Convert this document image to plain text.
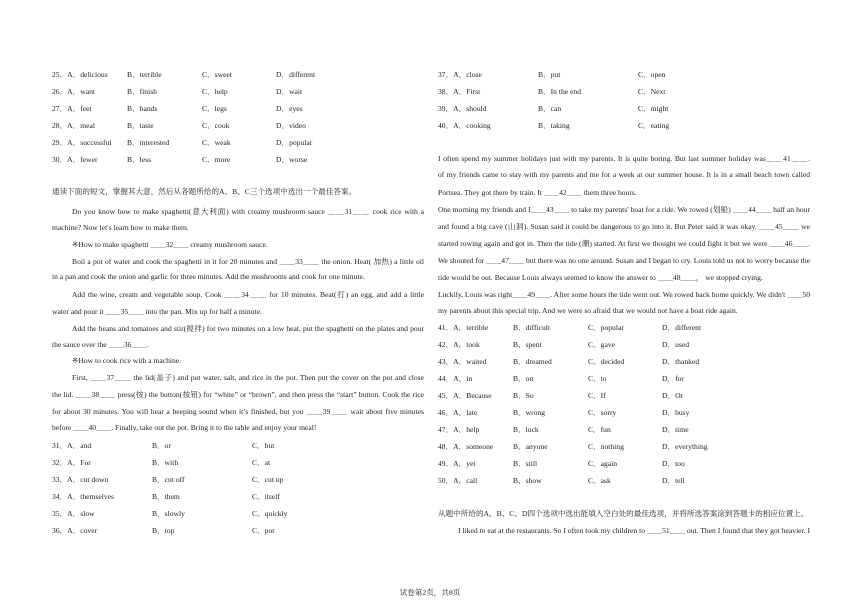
25．A．delicious	B．terrible	C．sweet	D．different
26．A．want	B．finish	C．help	D．wait
27．A．feet	B．hands	C．legs	D．eyes
28．A．meal	B．taste	C．cook	D．video
29．A．successful B．interested	C．weak	D．popular
30．A．fewer	B．less	C．more	D．worse
通读下面的短文，掌握其大意，然后从各题所给的A、B、C三个选项中选出一个最佳答案。
Do you know how to make spaghetti(意大利面) with creamy mushroom sauce ＿＿31＿＿ cook rice with a
machine? Now let's learn how to make them.
※How to make spaghetti ＿＿32＿＿ creamy mushroom sauce.
Boil a pot of water and cook the spaghetti in it for 20 minutes and ＿＿33＿＿ the onion. Heat( 加热) a little oil
in a pan and cook the onion and garlic for three minutes. Add the mushrooms and cook for one minute.
Add the wine, cream and vegetable soup. Cook ＿＿34＿＿ for 10 minutes. Beat(打) an egg, and add a little
water and pour it ＿＿35＿＿ into the pan. Mix up for half a minute.
Add the beans and tomatoes and stir(搅拌) for two minutes on a low heat, put the spaghetti on the plates and pour
the sauce over the ＿＿36＿＿.
※How to cook rice with a machine.
First, ＿＿37＿＿ the lid(盖子) and put water, salt, and rice in the pot. Then put the cover on the pot and close
the lid. ＿＿38＿＿ press(按) the button(按钮) for “white” or “brown”, and then press the “start” button. Cook the rice
for about 30 minutes. You will hear a beeping sound when it’s finished, but you ＿＿39＿＿ wait about five minutes
before ＿＿40＿＿. Finally, take out the pot. Bring it to the table and enjoy your meal!
31．A．and	B．or	C．but
32．A．For	B．with	C．at
33．A．cut down	B．cut off	C．cut up
34．A．themselves	B．them	C．itself
35．A．slow	B．slowly	C．quickly
36．A．cover	B．top	C．pot
37．A．close	B．put	C．open
38．A．First	B．In the end	C．Next
39．A．should	B．can	C．might
40．A．cooking	B．taking	C．eating
I often spend my summer holidays just with my parents. It is quite boring. But last summer holiday was＿＿41＿＿.
of my friends came to stay with my parents and me for a week at our summer house. It is in a small beach town called
Portsea. They got there by train. It ＿＿42＿＿ them three hours.
One morning my friends and I＿＿43＿＿ to take my parents' boat for a ride. We rowed (划船) ＿＿44＿＿ half an hour
and found a big cave (山洞). Susan said it could be dangerous to go into it. But Peter said it was okay. ＿＿45＿＿ we
started rowing again and got in. Then the tide (潮) started. At first we thought we could fight it but we were ＿＿46＿＿.
We shouted for ＿＿47＿＿ but there was no one around. Susan and I began to cry. Louis told us not to worry because the
tide would be out. Because Louis always seemed to know the answer to ＿＿48＿＿， we stopped crying.
Luckily, Louis was right＿＿49＿＿. After some hours the tide went out. We rowed back home quickly. We didn't ＿＿50
my parents about this special trip. And we were so afraid that we would not have a boat ride again.
41．A．terrible	B．difficult	C．popular	D．different
42．A．took	B．spent	C．gave	D．used
43．A．waited	B．dreamed	C．decided	D．thanked
44．A．in	B．on	C．to	D．for
45．A．Because	B．So	C．If	D．Or
46．A．late	B．wrong	C．sorry	D．busy
47．A．help	B．luck	C．fun	D．time
48．A．someone	B．anyone	C．nothing	D．everything
49．A．yet	B．still	C．again	D．too
50．A．call	B．show	C．ask	D．tell
从题中所给的A、B、C、D四个选项中选出能填入空白处的最佳选项，并将所选答案涂到答题卡的相应位置上。
I liked to eat at the restaurants. So I often took my children to ＿＿51＿＿ out. Then I found that they got heavier. I
试卷第2页，共8页
